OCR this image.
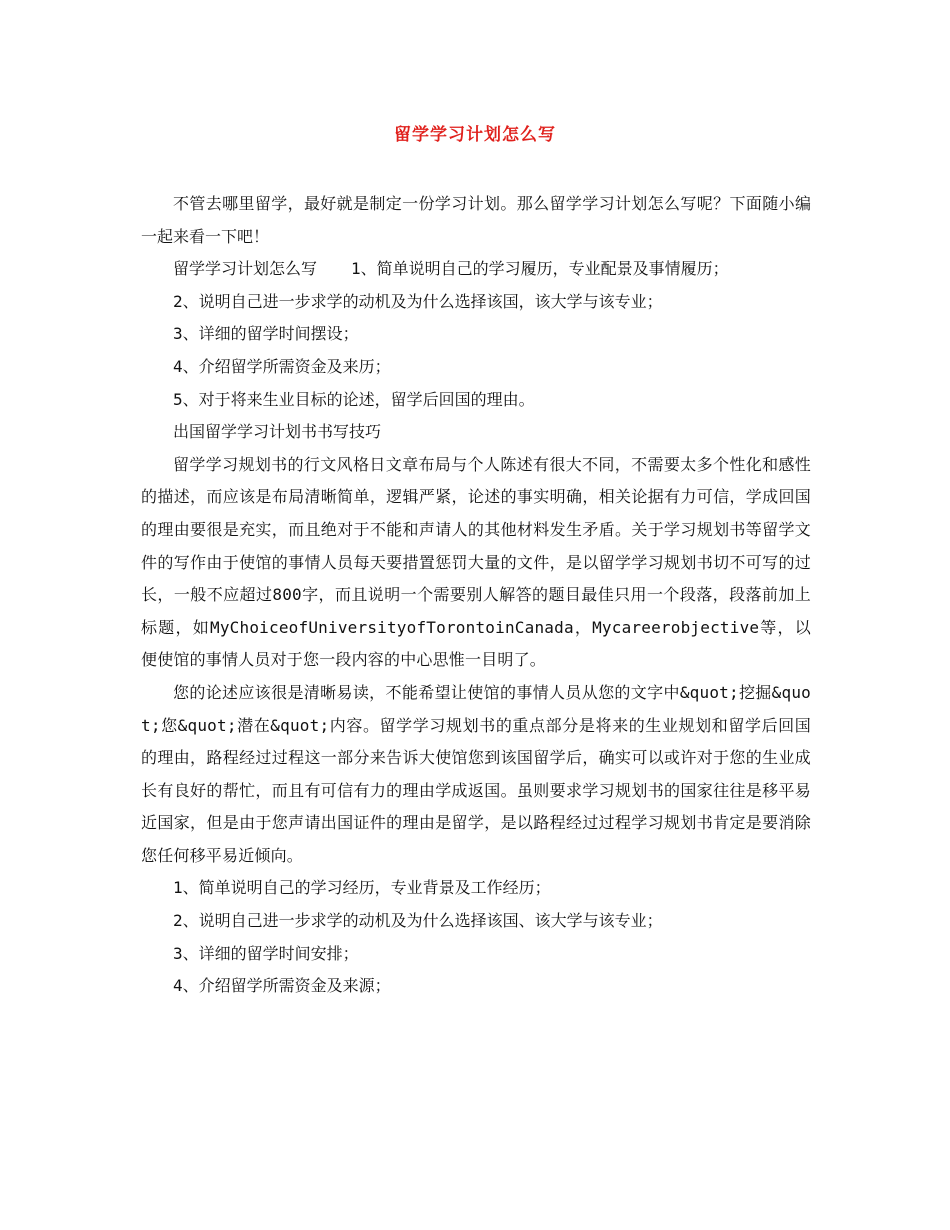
留学学习计划怎么写

不管去哪里留学，最好就是制定一份学习计划。那么留学学习计划怎么写呢？下面随小编一起来看一下吧！

留学学习计划怎么写 1、简单说明自己的学习履历，专业配景及事情履历；

2、说明自己进一步求学的动机及为什么选择该国，该大学与该专业；

3、详细的留学时间摆设；

4、介绍留学所需资金及来历；

5、对于将来生业目标的论述，留学后回国的理由。

出国留学学习计划书书写技巧

留学学习规划书的行文风格日文章布局与个人陈述有很大不同，不需要太多个性化和感性的描述，而应该是布局清晰简单，逻辑严紧，论述的事实明确，相关论据有力可信，学成回国的理由要很是充实，而且绝对于不能和声请人的其他材料发生矛盾。关于学习规划书等留学文件的写作由于使馆的事情人员每天要措置惩罚大量的文件，是以留学学习规划书切不可写的过长，一般不应超过800字，而且说明一个需要别人解答的题目最佳只用一个段落，段落前加上标题，如MyChoiceofUniversityofTorontoinCanada，Mycareerobjective等，以便使馆的事情人员对于您一段内容的中心思惟一目明了。

您的论述应该很是清晰易读，不能希望让使馆的事情人员从您的文字中&quot;挖掘&quot;您&quot;潜在&quot;内容。留学学习规划书的重点部分是将来的生业规划和留学后回国的理由，路程经过过程这一部分来告诉大使馆您到该国留学后，确实可以或许对于您的生业成长有良好的帮忙，而且有可信有力的理由学成返国。虽则要求学习规划书的国家往往是移平易近国家，但是由于您声请出国证件的理由是留学，是以路程经过过程学习规划书肯定是要消除您任何移平易近倾向。

1、简单说明自己的学习经历，专业背景及工作经历；

2、说明自己进一步求学的动机及为什么选择该国、该大学与该专业；

3、详细的留学时间安排；

4、介绍留学所需资金及来源；
